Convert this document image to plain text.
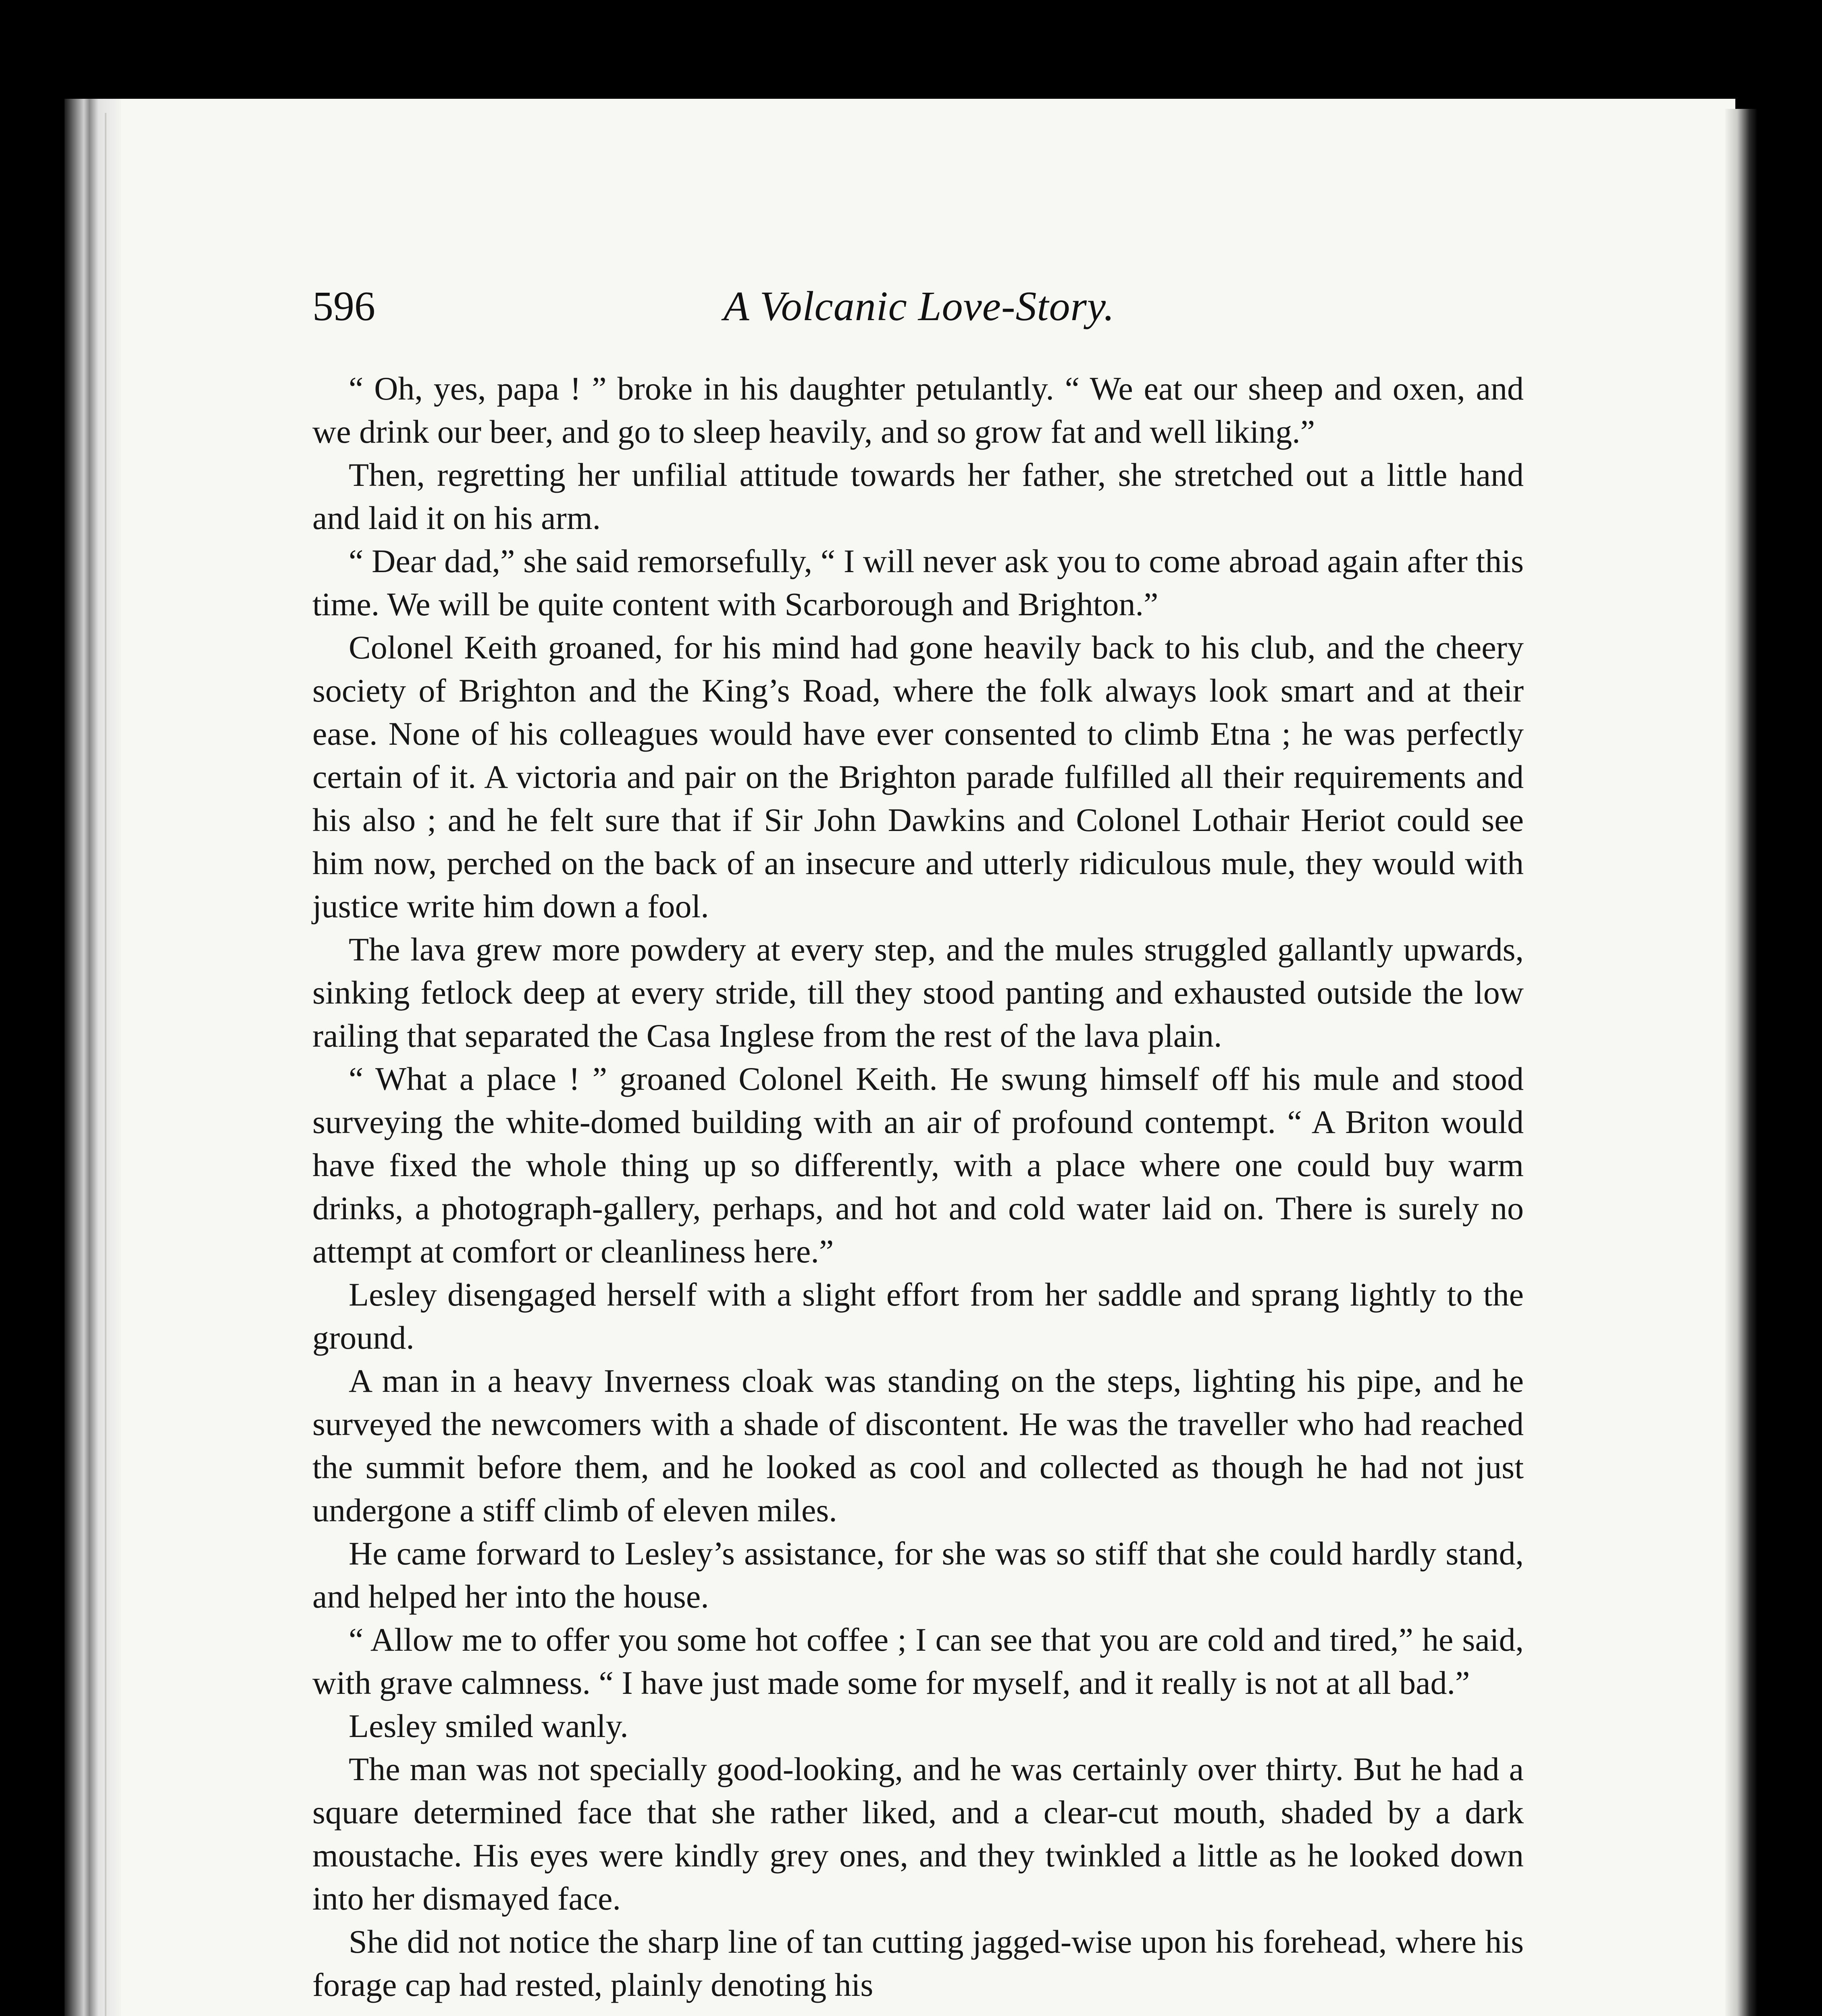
596	A Volcanic Love-Story.

“ Oh, yes, papa ! ” broke in his daughter petulantly. “ We eat our sheep and oxen, and we drink our beer, and go to sleep heavily, and so grow fat and well liking.”

Then, regretting her unfilial attitude towards her father, she stretched out a little hand and laid it on his arm.

“ Dear dad,” she said remorsefully, “ I will never ask you to come abroad again after this time. We will be quite content with Scarborough and Brighton.”

Colonel Keith groaned, for his mind had gone heavily back to his club, and the cheery society of Brighton and the King’s Road, where the folk always look smart and at their ease. None of his colleagues would have ever consented to climb Etna ; he was perfectly certain of it. A victoria and pair on the Brighton parade fulfilled all their requirements and his also ; and he felt sure that if Sir John Dawkins and Colonel Lothair Heriot could see him now, perched on the back of an insecure and utterly ridiculous mule, they would with justice write him down a fool.

The lava grew more powdery at every step, and the mules struggled gallantly upwards, sinking fetlock deep at every stride, till they stood panting and exhausted outside the low railing that separated the Casa Inglese from the rest of the lava plain.

“ What a place ! ” groaned Colonel Keith. He swung himself off his mule and stood surveying the white-domed building with an air of profound contempt. “ A Briton would have fixed the whole thing up so differently, with a place where one could buy warm drinks, a photograph-gallery, perhaps, and hot and cold water laid on. There is surely no attempt at comfort or cleanliness here.”

Lesley disengaged herself with a slight effort from her saddle and sprang lightly to the ground.

A man in a heavy Inverness cloak was standing on the steps, lighting his pipe, and he surveyed the newcomers with a shade of discontent. He was the traveller who had reached the summit before them, and he looked as cool and collected as though he had not just undergone a stiff climb of eleven miles.

He came forward to Lesley’s assistance, for she was so stiff that she could hardly stand, and helped her into the house.

“ Allow me to offer you some hot coffee ; I can see that you are cold and tired,” he said, with grave calmness. “ I have just made some for myself, and it really is not at all bad.”

Lesley smiled wanly.

The man was not specially good-looking, and he was certainly over thirty. But he had a square determined face that she rather liked, and a clear-cut mouth, shaded by a dark moustache. His eyes were kindly grey ones, and they twinkled a little as he looked down into her dismayed face.

She did not notice the sharp line of tan cutting jagged-wise upon his forehead, where his forage cap had rested, plainly denoting his
